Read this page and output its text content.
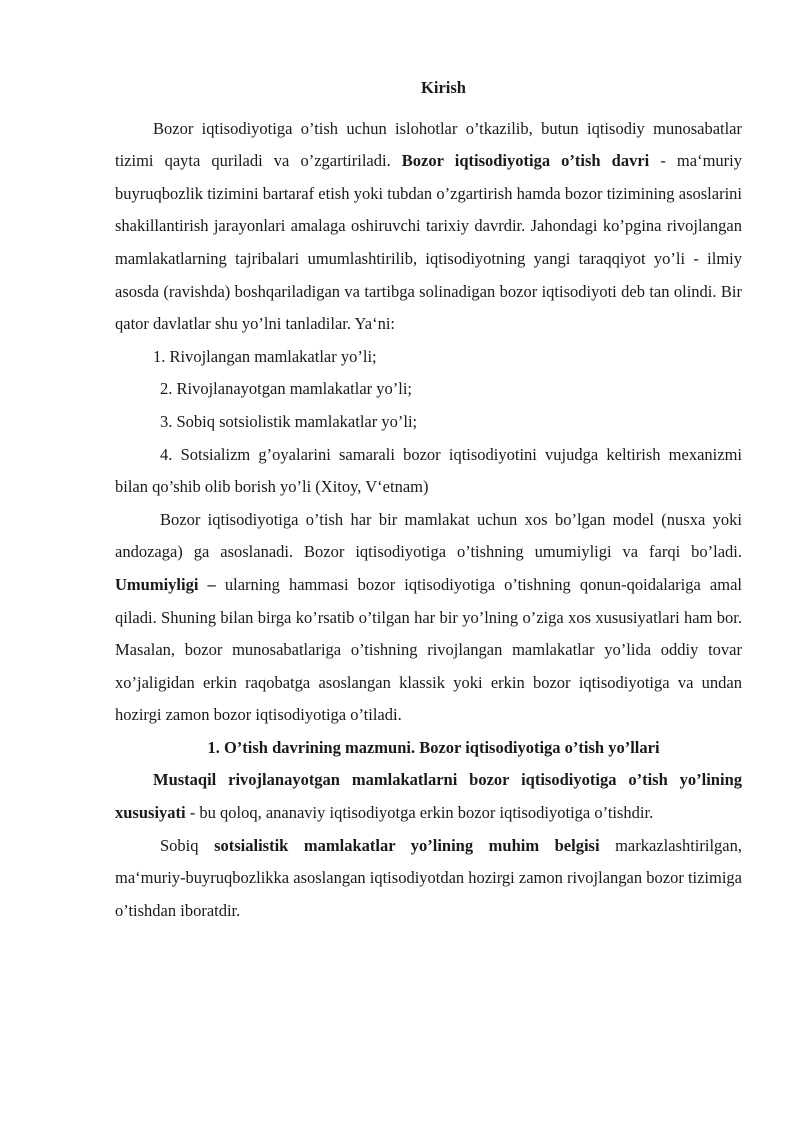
Kirish

Bozor iqtisodiyotiga o’tish uchun islohotlar o’tkazilib, butun iqtisodiy munosabatlar tizimi qayta quriladi va o’zgartiriladi. Bozor iqtisodiyotiga o’tish davri - ma‘muriy buyruqbozlik tizimini bartaraf etish yoki tubdan o’zgartirish hamda bozor tizimining asoslarini shakillantirish jarayonlari amalaga oshiruvchi tarixiy davrdir. Jahondagi ko’pgina rivojlangan mamlakatlarning tajribalari umumlashtirilib, iqtisodiyotning yangi taraqqiyot yo’li - ilmiy asosda (ravishda) boshqariladigan va tartibga solinadigan bozor iqtisodiyoti deb tan olindi. Bir qator davlatlar shu yo’lni tanladilar. Ya‘ni:

1. Rivojlangan mamlakatlar yo’li;
2. Rivojlanayotgan mamlakatlar yo’li;
3. Sobiq sotsiolistik mamlakatlar yo’li;

4. Sotsializm g’oyalarini samarali bozor iqtisodiyotini vujudga keltirish mexanizmi bilan qo’shib olib borish yo’li (Xitoy, V‘etnam)

Bozor iqtisodiyotiga o’tish har bir mamlakat uchun xos bo’lgan model (nusxa yoki andozaga) ga asoslanadi. Bozor iqtisodiyotiga o’tishning umumiyligi va farqi bo’ladi. Umumiyligi – ularning hammasi bozor iqtisodiyotiga o’tishning qonun-qoidalariga amal qiladi. Shuning bilan birga ko’rsatib o’tilgan har bir yo’lning o’ziga xos xususiyatlari ham bor. Masalan, bozor munosabatlariga o’tishning rivojlangan mamlakatlar yo’lida oddiy tovar xo’jaligidan erkin raqobatga asoslangan klassik yoki erkin bozor iqtisodiyotiga va undan hozirgi zamon bozor iqtisodiyotiga o’tiladi.

1. O’tish davrining mazmuni. Bozor iqtisodiyotiga o’tish yo’llari

Mustaqil rivojlanayotgan mamlakatlarni bozor iqtisodiyotiga o’tish yo’lining xususiyati - bu qoloq, ananaviy iqtisodiyotga erkin bozor iqtisodiyotiga o’tishdir.

Sobiq sotsialistik mamlakatlar yo’lining muhim belgisi markazlashtirilgan, ma‘muriy-buyruqbozlikka asoslangan iqtisodiyotdan hozirgi zamon rivojlangan bozor tizimiga o’tishdan iboratdir.
